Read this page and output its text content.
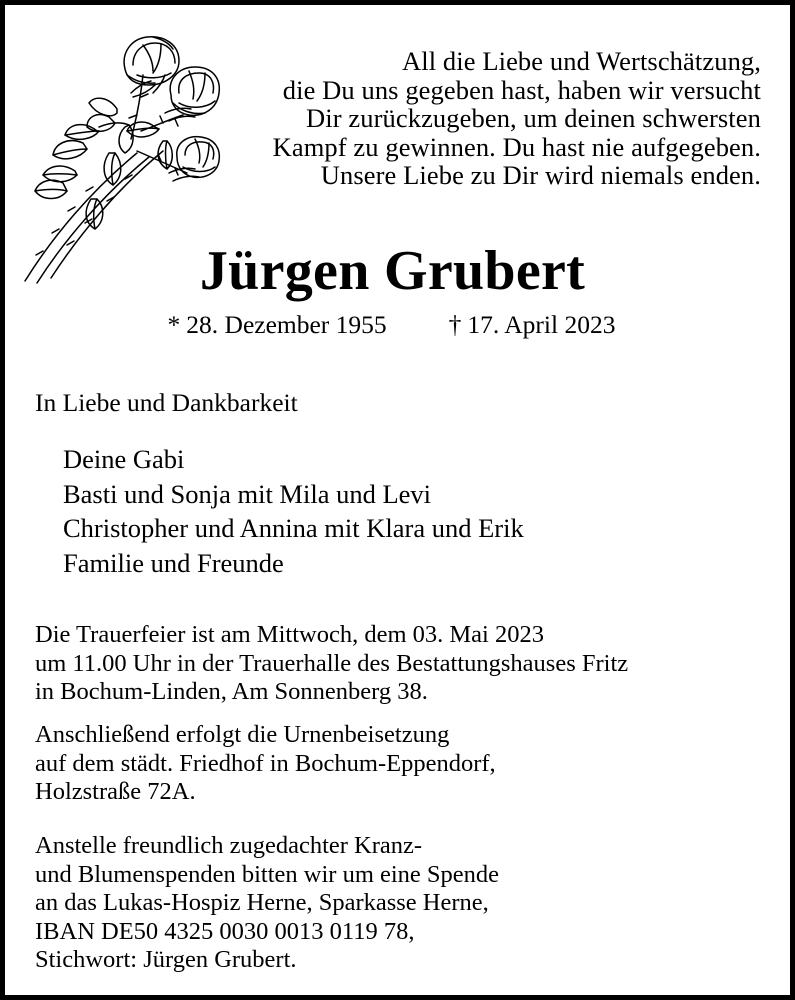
All die Liebe und Wertschätzung,
die Du uns gegeben hast, haben wir versucht
Dir zurückzugeben, um deinen schwersten
Kampf zu gewinnen. Du hast nie aufgegeben.
Unsere Liebe zu Dir wird niemals enden.
Jürgen Grubert
* 28. Dezember 1955 † 17. April 2023
In Liebe und Dankbarkeit
Deine Gabi
Basti und Sonja mit Mila und Levi
Christopher und Annina mit Klara und Erik
Familie und Freunde
Die Trauerfeier ist am Mittwoch, dem 03. Mai 2023
um 11.00 Uhr in der Trauerhalle des Bestattungshauses Fritz
in Bochum-Linden, Am Sonnenberg 38.
Anschließend erfolgt die Urnenbeisetzung
auf dem städt. Friedhof in Bochum-Eppendorf,
Holzstraße 72A.
Anstelle freundlich zugedachter Kranz-
und Blumenspenden bitten wir um eine Spende
an das Lukas-Hospiz Herne, Sparkasse Herne,
IBAN DE50 4325 0030 0013 0119 78,
Stichwort: Jürgen Grubert.
